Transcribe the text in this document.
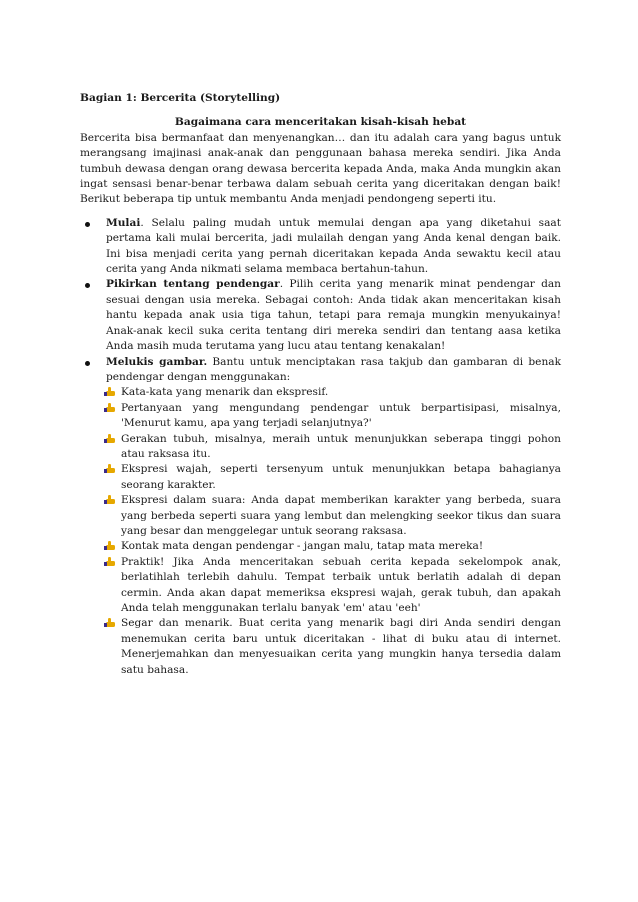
Bagian 1: Bercerita (Storytelling)

Bagaimana cara menceritakan kisah-kisah hebat

Bercerita bisa bermanfaat dan menyenangkan… dan itu adalah cara yang bagus untuk merangsang imajinasi anak-anak dan penggunaan bahasa mereka sendiri. Jika Anda tumbuh dewasa dengan orang dewasa bercerita kepada Anda, maka Anda mungkin akan ingat sensasi benar-benar terbawa dalam sebuah cerita yang diceritakan dengan baik! Berikut beberapa tip untuk membantu Anda menjadi pendongeng seperti itu.

Mulai. Selalu paling mudah untuk memulai dengan apa yang diketahui saat pertama kali mulai bercerita, jadi mulailah dengan yang Anda kenal dengan baik. Ini bisa menjadi cerita yang pernah diceritakan kepada Anda sewaktu kecil atau cerita yang Anda nikmati selama membaca bertahun-tahun.
Pikirkan tentang pendengar. Pilih cerita yang menarik minat pendengar dan sesuai dengan usia mereka. Sebagai contoh: Anda tidak akan menceritakan kisah hantu kepada anak usia tiga tahun, tetapi para remaja mungkin menyukainya! Anak-anak kecil suka cerita tentang diri mereka sendiri dan tentang aasa ketika Anda masih muda terutama yang lucu atau tentang kenakalan!
Melukis gambar. Bantu untuk menciptakan rasa takjub dan gambaran di benak pendengar dengan menggunakan:
Kata-kata yang menarik dan ekspresif.
Pertanyaan yang mengundang pendengar untuk berpartisipasi, misalnya, 'Menurut kamu, apa yang terjadi selanjutnya?'
Gerakan tubuh, misalnya, meraih untuk menunjukkan seberapa tinggi pohon atau raksasa itu.
Ekspresi wajah, seperti tersenyum untuk menunjukkan betapa bahagianya seorang karakter.
Ekspresi dalam suara: Anda dapat memberikan karakter yang berbeda, suara yang berbeda seperti suara yang lembut dan melengking seekor tikus dan suara yang besar dan menggelegar untuk seorang raksasa.
Kontak mata dengan pendengar - jangan malu, tatap mata mereka!
Praktik! Jika Anda menceritakan sebuah cerita kepada sekelompok anak, berlatihlah terlebih dahulu. Tempat terbaik untuk berlatih adalah di depan cermin. Anda akan dapat memeriksa ekspresi wajah, gerak tubuh, dan apakah Anda telah menggunakan terlalu banyak 'em' atau 'eeh'
Segar dan menarik. Buat cerita yang menarik bagi diri Anda sendiri dengan menemukan cerita baru untuk diceritakan - lihat di buku atau di internet. Menerjemahkan dan menyesuaikan cerita yang mungkin hanya tersedia dalam satu bahasa.
